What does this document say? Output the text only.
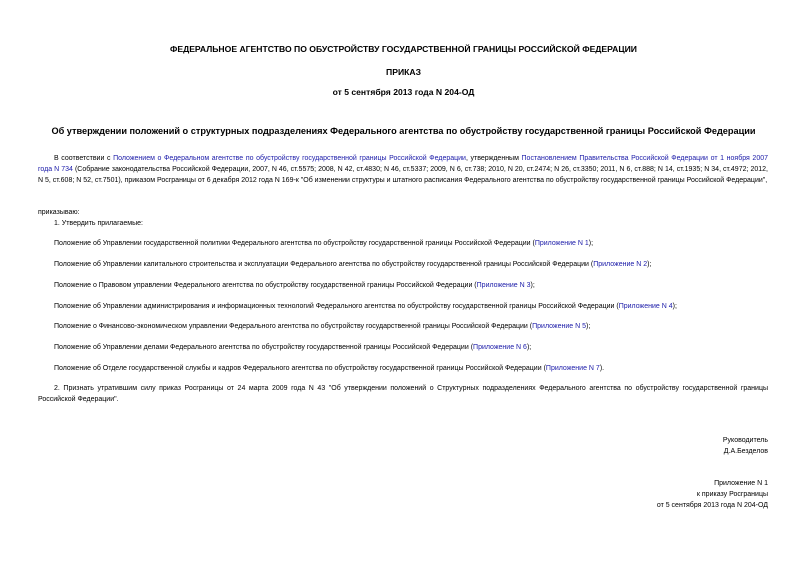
ФЕДЕРАЛЬНОЕ АГЕНТСТВО ПО ОБУСТРОЙСТВУ ГОСУДАРСТВЕННОЙ ГРАНИЦЫ РОССИЙСКОЙ ФЕДЕРАЦИИ
ПРИКАЗ
от 5 сентября 2013 года N 204-ОД
Об утверждении положений о структурных подразделениях Федерального агентства по обустройству государственной границы Российской Федерации
В соответствии с Положением о Федеральном агентстве по обустройству государственной границы Российской Федерации, утвержденным Постановлением Правительства Российской Федерации от 1 ноября 2007 года N 734 (Собрание законодательства Российской Федерации, 2007, N 46, ст.5575; 2008, N 42, ст.4830; N 46, ст.5337; 2009, N 6, ст.738; 2010, N 20, ст.2474; N 26, ст.3350; 2011, N 6, ст.888; N 14, ст.1935; N 34, ст.4972; 2012, N 5, ст.608; N 52, ст.7501), приказом Росграницы от 6 декабря 2012 года N 169-к "Об изменении структуры и штатного расписания Федерального агентства по обустройству государственной границы Российской Федерации",
приказываю:
1. Утвердить прилагаемые:
Положение об Управлении государственной политики Федерального агентства по обустройству государственной границы Российской Федерации (Приложение N 1);
Положение об Управлении капитального строительства и эксплуатации Федерального агентства по обустройству государственной границы Российской Федерации (Приложение N 2);
Положение о Правовом управлении Федерального агентства по обустройству государственной границы Российской Федерации (Приложение N 3);
Положение об Управлении администрирования и информационных технологий Федерального агентства по обустройству государственной границы Российской Федерации (Приложение N 4);
Положение о Финансово-экономическом управлении Федерального агентства по обустройству государственной границы Российской Федерации (Приложение N 5);
Положение об Управлении делами Федерального агентства по обустройству государственной границы Российской Федерации (Приложение N 6);
Положение об Отделе государственной службы и кадров Федерального агентства по обустройству государственной границы Российской Федерации (Приложение N 7).
2. Признать утратившим силу приказ Росграницы от 24 марта 2009 года N 43 "Об утверждении положений о Структурных подразделениях Федерального агентства по обустройству государственной границы Российской Федерации".
Руководитель
Д.А.Безделов
Приложение N 1
к приказу Росграницы
от 5 сентября 2013 года N 204-ОД
